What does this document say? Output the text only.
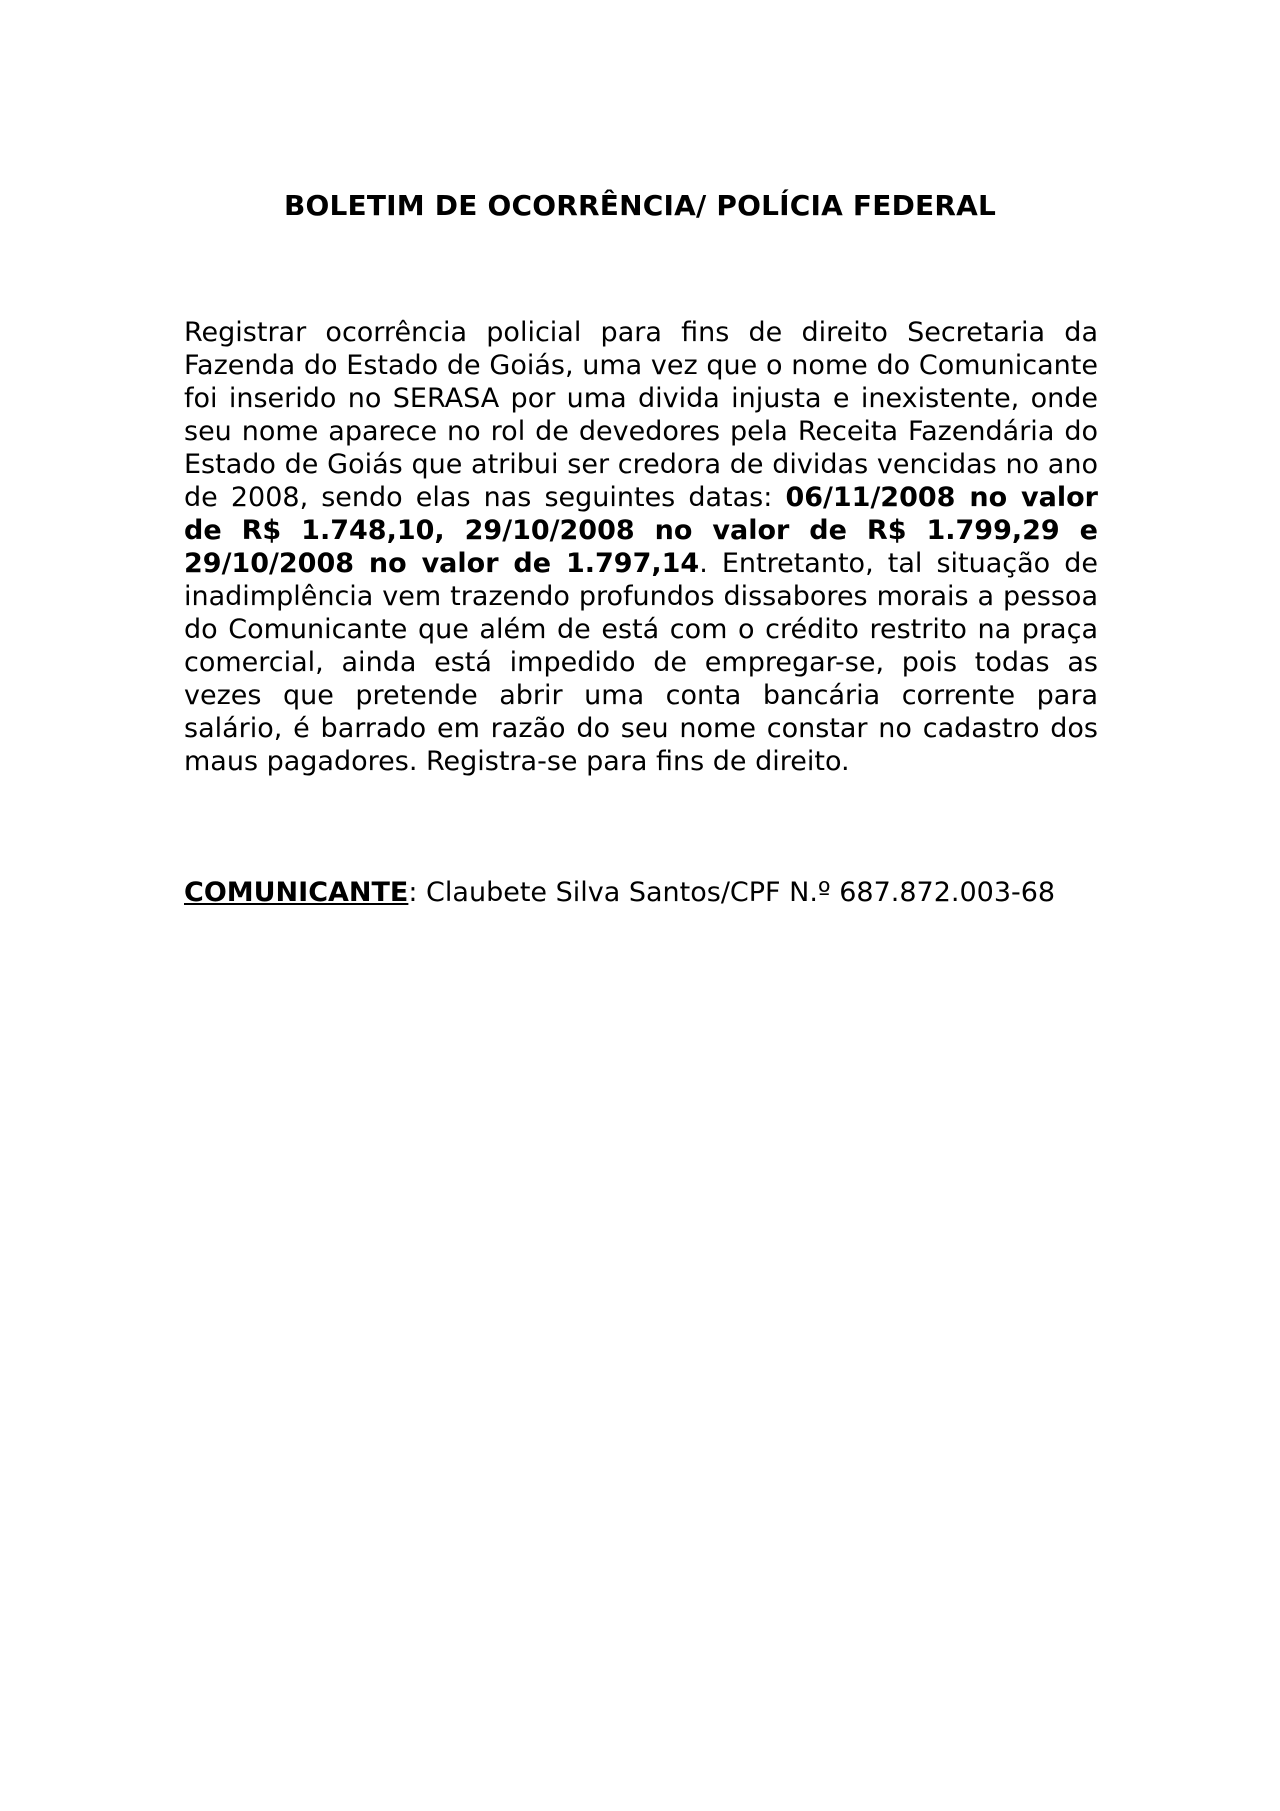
BOLETIM DE OCORRÊNCIA/ POLÍCIA FEDERAL
Registrar ocorrência policial para fins de direito Secretaria da Fazenda do Estado de Goiás, uma vez que o nome do Comunicante foi inserido no SERASA por uma divida injusta e inexistente, onde seu nome aparece no rol de devedores pela Receita Fazendária do Estado de Goiás que atribui ser credora de dividas vencidas no ano de 2008, sendo elas nas seguintes datas: 06/11/2008 no valor de R$ 1.748,10, 29/10/2008 no valor de R$ 1.799,29 e 29/10/2008 no valor de 1.797,14. Entretanto, tal situação de inadimplência vem trazendo profundos dissabores morais a pessoa do Comunicante que além de está com o crédito restrito na praça comercial, ainda está impedido de empregar-se, pois todas as vezes que pretende abrir uma conta bancária corrente para salário, é barrado em razão do seu nome constar no cadastro dos maus pagadores. Registra-se para fins de direito.
COMUNICANTE: Claubete Silva Santos/CPF N.º 687.872.003-68
